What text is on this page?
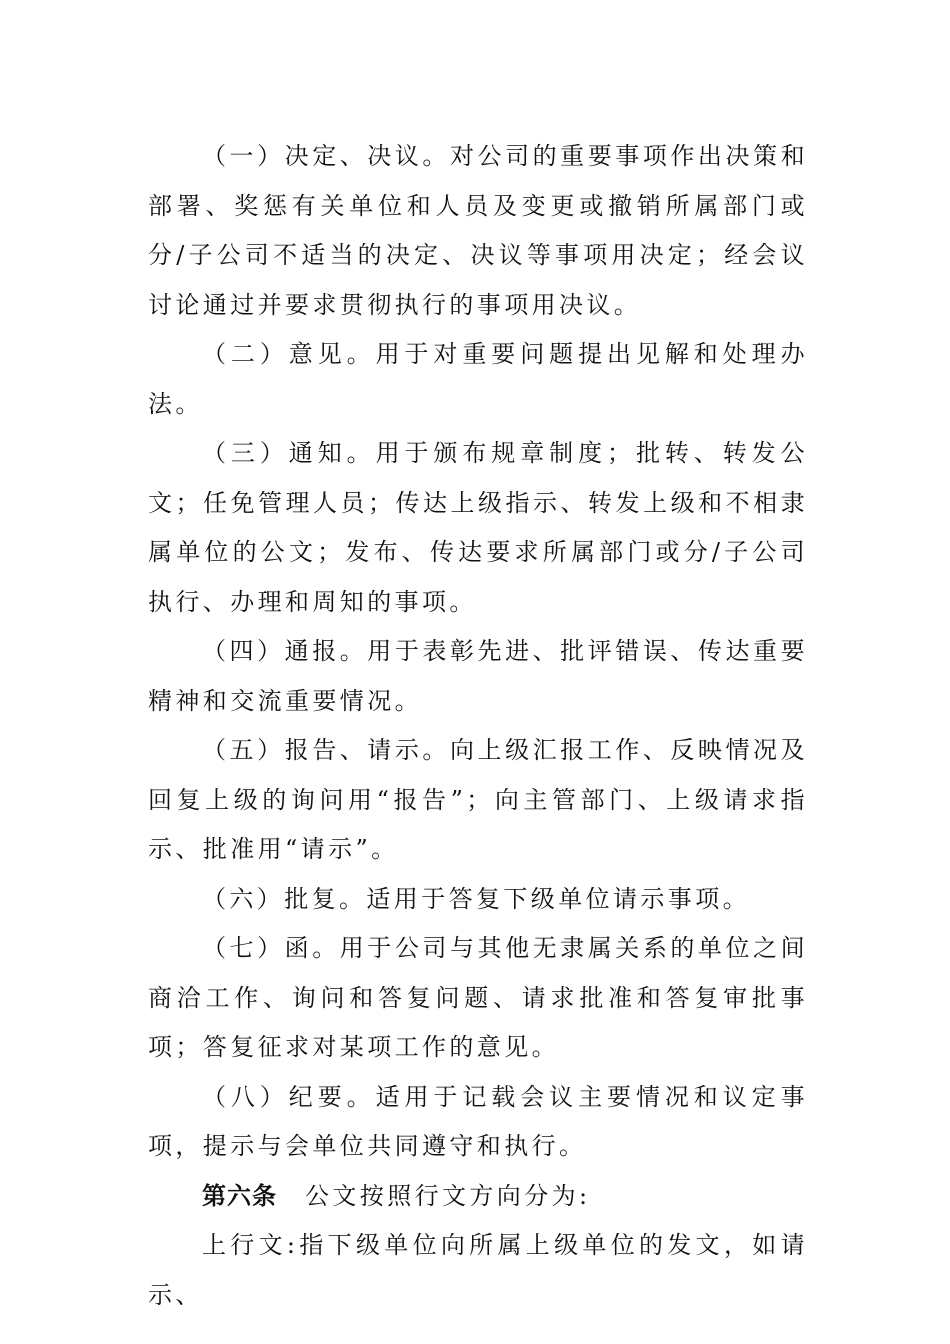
（一）决定、决议。对公司的重要事项作出决策和部署、奖惩有关单位和人员及变更或撤销所属部门或分/子公司不适当的决定、决议等事项用决定；经会议讨论通过并要求贯彻执行的事项用决议。

（二）意见。用于对重要问题提出见解和处理办法。

（三）通知。用于颁布规章制度；批转、转发公文；任免管理人员；传达上级指示、转发上级和不相隶属单位的公文；发布、传达要求所属部门或分/子公司执行、办理和周知的事项。

（四）通报。用于表彰先进、批评错误、传达重要精神和交流重要情况。

（五）报告、请示。向上级汇报工作、反映情况及回复上级的询问用“报告”；向主管部门、上级请求指示、批准用“请示”。

（六）批复。适用于答复下级单位请示事项。

（七）函。用于公司与其他无隶属关系的单位之间商洽工作、询问和答复问题、请求批准和答复审批事项；答复征求对某项工作的意见。

（八）纪要。适用于记载会议主要情况和议定事项，提示与会单位共同遵守和执行。

第六条 公文按照行文方向分为:

上行文:指下级单位向所属上级单位的发文，如请示、
